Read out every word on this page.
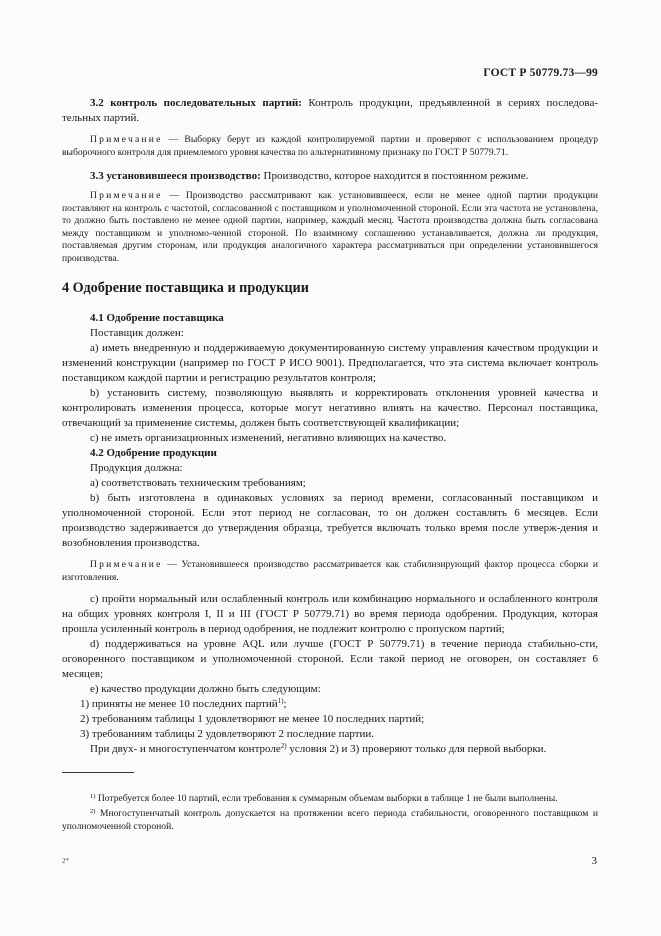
ГОСТ Р 50779.73—99

3.2 контроль последовательных партий: Контроль продукции, предъявленной в сериях последова-тельных партий.

Примечание — Выборку берут из каждой контролируемой партии и проверяют с использованием процедур выборочного контроля для приемлемого уровня качества по альтернативному признаку по ГОСТ Р 50779.71.

3.3 установившееся производство: Производство, которое находится в постоянном режиме.

Примечание — Производство рассматривают как установившееся, если не менее одной партии продукции поставляют на контроль с частотой, согласованной с поставщиком и уполномоченной стороной. Если эта частота не установлена, то должно быть поставлено не менее одной партии, например, каждый месяц. Частота производства должна быть согласована между поставщиком и уполномо-ченной стороной. По взаимному соглашению устанавливается, должна ли продукция, поставляемая другим сторонам, или продукция аналогичного характера рассматриваться при определении установившегося производства.

4 Одобрение поставщика и продукции

4.1 Одобрение поставщика

Поставщик должен:

а) иметь внедренную и поддерживаемую документированную систему управления качеством продукции и изменений конструкции (например по ГОСТ Р ИСО 9001). Предполагается, что эта система включает контроль поставщиком каждой партии и регистрацию результатов контроля;

b) установить систему, позволяющую выявлять и корректировать отклонения уровней качества и контролировать изменения процесса, которые могут негативно влиять на качество. Персонал поставщика, отвечающий за применение системы, должен быть соответствующей квалификации;

с) не иметь организационных изменений, негативно влияющих на качество.

4.2 Одобрение продукции

Продукция должна:

а) соответствовать техническим требованиям;

b) быть изготовлена в одинаковых условиях за период времени, согласованный поставщиком и уполномоченной стороной. Если этот период не согласован, то он должен составлять 6 месяцев. Если производство задерживается до утверждения образца, требуется включать только время после утверж-дения и возобновления производства.

Примечание — Установившееся производство рассматривается как стабилизирующий фактор процесса сборки и изготовления.

с) пройти нормальный или ослабленный контроль или комбинацию нормального и ослабленного контроля на общих уровнях контроля I, II и III (ГОСТ Р 50779.71) во время периода одобрения. Продукция, которая прошла усиленный контроль в период одобрения, не подлежит контролю с пропуском партий;

d) поддерживаться на уровне AQL или лучше (ГОСТ Р 50779.71) в течение периода стабильно-сти, оговоренного поставщиком и уполномоченной стороной. Если такой период не оговорен, он составляет 6 месяцев;

е) качество продукции должно быть следующим:

1) приняты не менее 10 последних партий$^{1)}$;

2) требованиям таблицы 1 удовлетворяют не менее 10 последних партий;

3) требованиям таблицы 2 удовлетворяют 2 последние партии.

При двух- и многоступенчатом контроле$^{2)}$ условия 2) и 3) проверяют только для первой выборки.

$^{1)}$ Потребуется более 10 партий, если требования к суммарным объемам выборки в таблице 1 не были выполнены.

$^{2)}$ Многоступенчатый контроль допускается на протяжении всего периода стабильности, оговоренного поставщиком и уполномоченной стороной.

2*	3
